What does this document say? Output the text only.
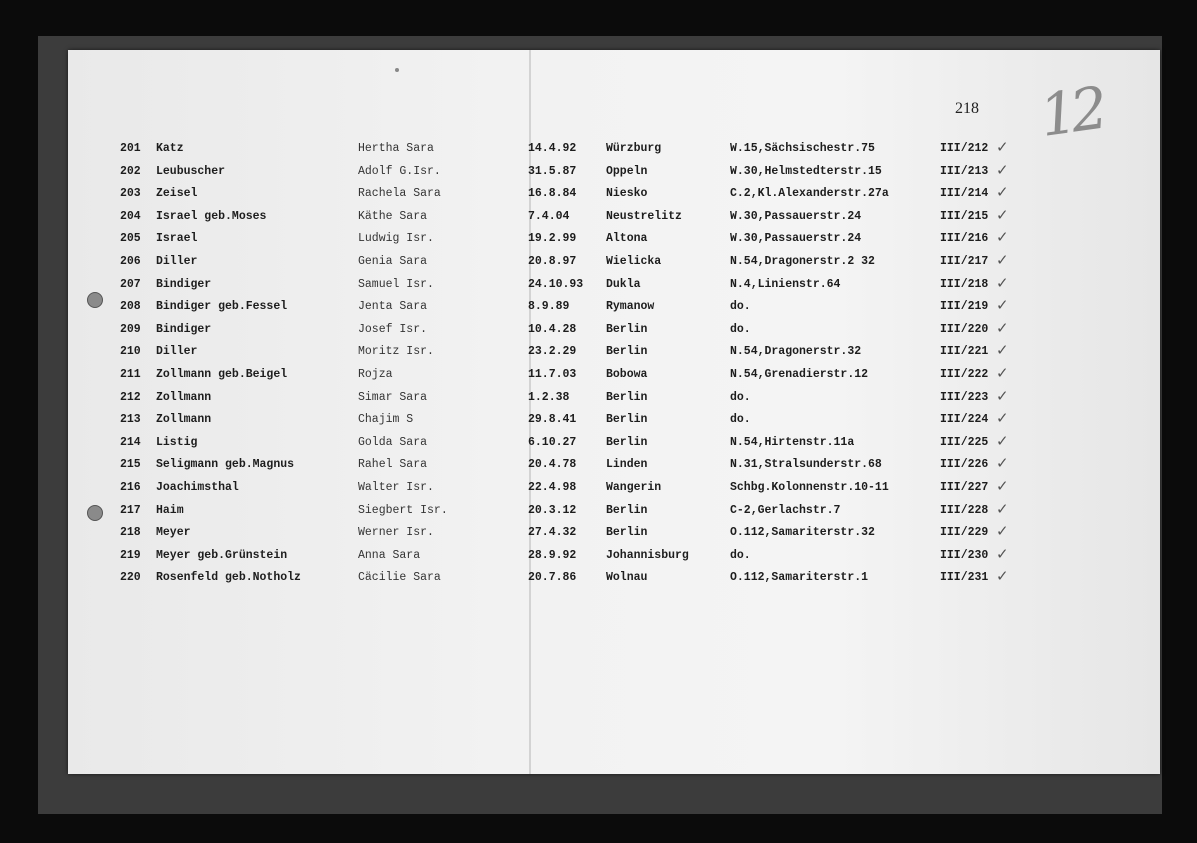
218 12
201 Katz	Hertha Sara	14.4.92	Würzburg	W.15,Sächsischestr.75	III/212 ✓
202 Leubuscher	Adolf G.Isr.	31.5.87	Oppeln	W.30,Helmstedterstr.15	III/213 ✓
203 Zeisel	Rachela Sara	16.8.84	Niesko	C.2,Kl.Alexanderstr.27a	III/214 ✓
204 Israel geb.Moses	Käthe Sara	7.4.04	Neustrelitz	W.30,Passauerstr.24	III/215 ✓
205 Israel	Ludwig Isr.	19.2.99	Altona	W.30,Passauerstr.24	III/216 ✓
206 Diller	Genia Sara	20.8.97	Wielicka	N.54,Dragonerstr.2 32	III/217 ✓
207 Bindiger	Samuel Isr.	24.10.93 Dukla	N.4,Linienstr.64	III/218 ✓
208 Bindiger geb.Fessel	Jenta Sara	8.9.89	Rymanow	do.	III/219 ✓
209 Bindiger	Josef Isr.	10.4.28	Berlin	do.	III/220 ✓
210 Diller	Moritz Isr.	23.2.29	Berlin	N.54,Dragonerstr.32	III/221 ✓
211 Zollmann geb.Beigel	Rojza	11.7.03	Bobowa	N.54,Grenadierstr.12	III/222 ✓
212 Zollmann	Simar Sara	1.2.38	Berlin	do.	III/223 ✓
213 Zollmann	Chajim S	29.8.41	Berlin	do.	III/224 ✓
214 Listig	Golda Sara	6.10.27	Berlin	N.54,Hirtenstr.11a	III/225 ✓
215 Seligmann geb.Magnus	Rahel Sara	20.4.78	Linden	N.31,Stralsunderstr.68	III/226 ✓
216 Joachimsthal	Walter Isr.	22.4.98	Wangerin	Schbg.Kolonnenstr.10-11	III/227 ✓
217 Haim	Siegbert Isr.	20.3.12	Berlin	C-2,Gerlachstr.7	III/228 ✓
218 Meyer	Werner Isr.	27.4.32	Berlin	O.112,Samariterstr.32	III/229 ✓
219 Meyer geb.Grünstein	Anna Sara	28.9.92	Johannisburg	do.	III/230 ✓
220 Rosenfeld geb.Notholz	Cäcilie Sara	20.7.86	Wolnau	O.112,Samariterstr.1	III/231 ✓
